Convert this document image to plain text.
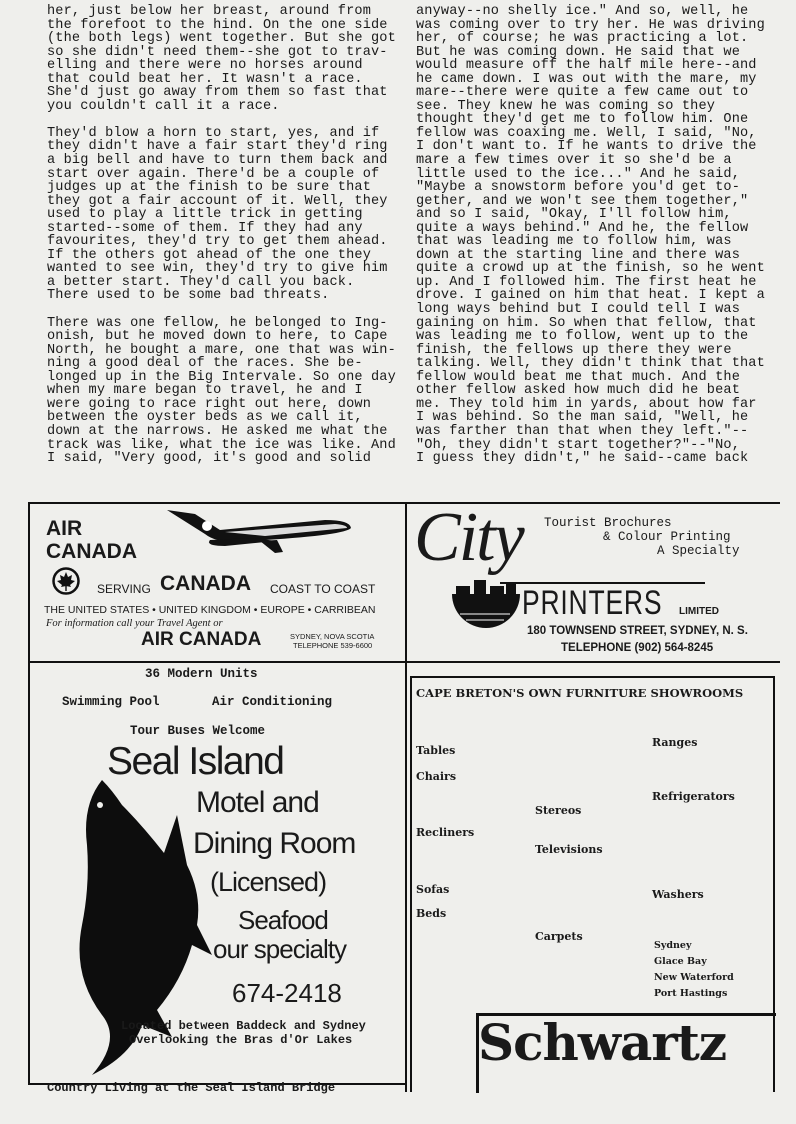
her, just below her breast, around from
the forefoot to the hind. On the one side
(the both legs) went together. But she got
so she didn't need them--she got to trav-
elling and there were no horses around
that could beat her. It wasn't a race.
She'd just go away from them so fast that
you couldn't call it a race.
They'd blow a horn to start, yes, and if
they didn't have a fair start they'd ring
a big bell and have to turn them back and
start over again. There'd be a couple of
judges up at the finish to be sure that
they got a fair account of it. Well, they
used to play a little trick in getting
started--some of them. If they had any
favourites, they'd try to get them ahead.
If the others got ahead of the one they
wanted to see win, they'd try to give him
a better start. They'd call you back.
There used to be some bad threats.
There was one fellow, he belonged to Ing-
onish, but he moved down to here, to Cape
North, he bought a mare, one that was win-
ning a good deal of the races. She be-
longed up in the Big Intervale. So one day
when my mare began to travel, he and I
were going to race right out here, down
between the oyster beds as we call it,
down at the narrows. He asked me what the
track was like, what the ice was like. And
I said, "Very good, it's good and solid
anyway--no shelly ice." And so, well, he
was coming over to try her. He was driving
her, of course; he was practicing a lot.
But he was coming down. He said that we
would measure off the half mile here--and
he came down. I was out with the mare, my
mare--there were quite a few came out to
see. They knew he was coming so they
thought they'd get me to follow him. One
fellow was coaxing me. Well, I said, "No,
I don't want to. If he wants to drive the
mare a few times over it so she'd be a
little used to the ice..." And he said,
"Maybe a snowstorm before you'd get to-
gether, and we won't see them together,"
and so I said, "Okay, I'll follow him,
quite a ways behind." And he, the fellow
that was leading me to follow him, was
down at the starting line and there was
quite a crowd up at the finish, so he went
up. And I followed him. The first heat he
drove. I gained on him that heat. I kept a
long ways behind but I could tell I was
gaining on him. So when that fellow, that
was leading me to follow, went up to the
finish, the fellows up there they were
talking. Well, they didn't think that that
fellow would beat me that much. And the
other fellow asked how much did he beat
me. They told him in yards, about how far
I was behind. So the man said, "Well, he
was farther than that when they left."--
"Oh, they didn't start together?"--"No,
I guess they didn't," he said--came back
AIR
CANADA
SERVING CANADA COAST TO COAST
THE UNITED STATES • UNITED KINGDOM • EUROPE • CARRIBEAN
For information call your Travel Agent or
AIR CANADA	SYDNEY, NOVA SCOTIA
TELEPHONE 539-6600
City Tourist Brochures
& Colour Printing
A Specialty
PRINTERS LIMITED
180 TOWNSEND STREET, SYDNEY, N. S.
TELEPHONE (902) 564-8245
36 Modern Units
Swimming Pool	Air Conditioning
Tour Buses Welcome
Seal Island
Motel and
Dining Room
(Licensed)
Seafood
our specialty
674-2418
Located between Baddeck and Sydney
Overlooking the Bras d'Or Lakes
Country Living at the Seal Island Bridge
CAPE BRETON'S OWN FURNITURE SHOWROOMS
Tables
Chairs
Recliners
Sofas
Beds
Stereos
Televisions
Carpets
Ranges
Refrigerators
Washers
Sydney
Glace Bay
New Waterford
Port Hastings
Schwartz
